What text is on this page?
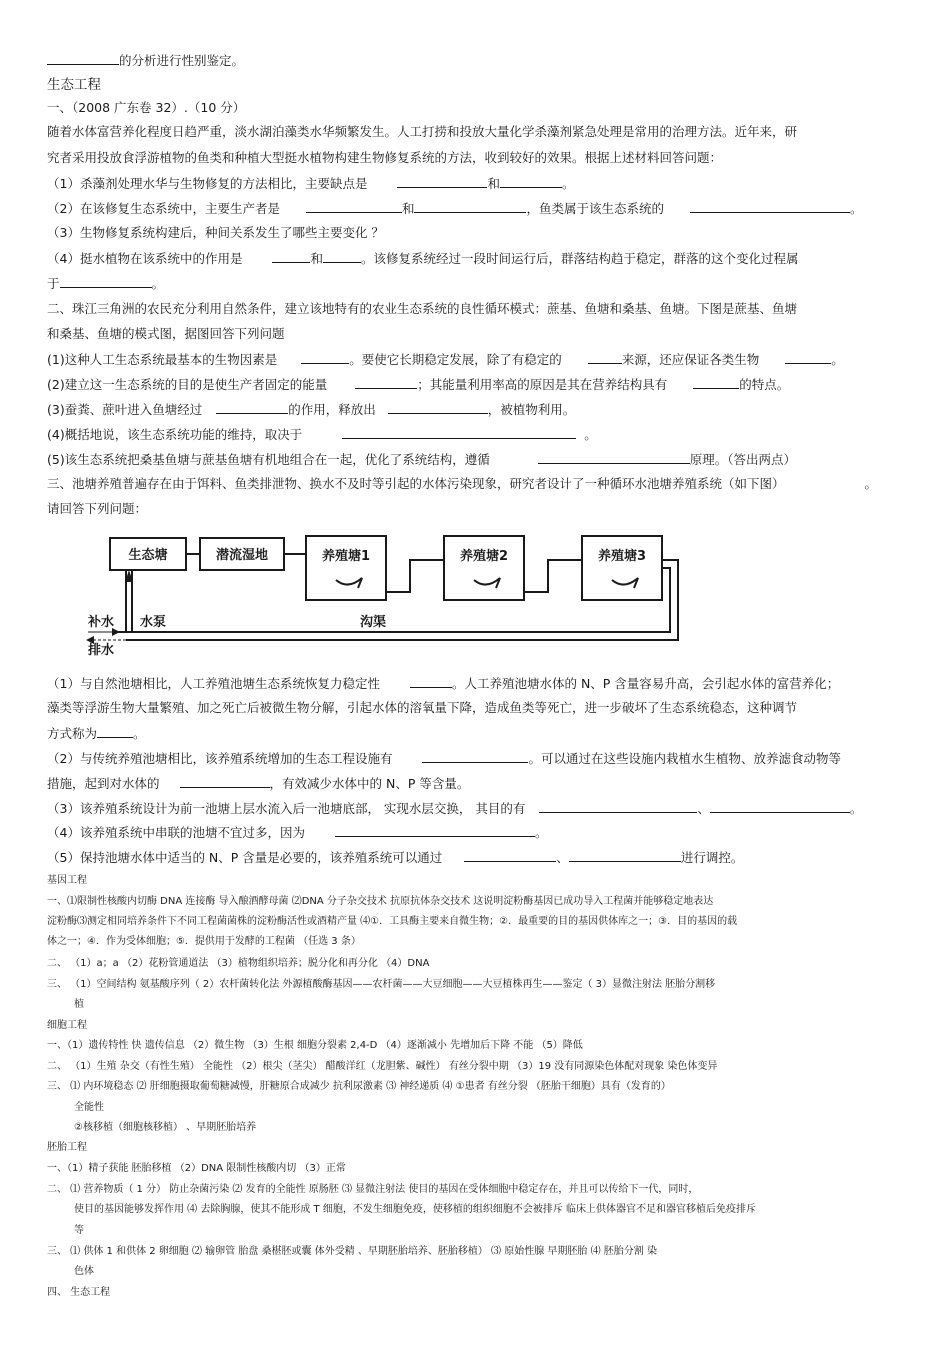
的分析进行性别鉴定。
生态工程
一、（2008 广东卷 32）.（10 分）
随着水体富营养化程度日趋严重，淡水湖泊藻类水华频繁发生。人工打捞和投放大量化学杀藻剂紧急处理是常用的治理方法。近年来，研
究者采用投放食浮游植物的鱼类和种植大型挺水植物构建生物修复系统的方法，收到较好的效果。根据上述材料回答问题：
（1）杀藻剂处理水华与生物修复的方法相比，主要缺点是	和	。
（2）在该修复生态系统中，主要生产者是	和	，鱼类属于该生态系统的	。
（3）生物修复系统构建后，种间关系发生了哪些主要变化 ？
（4）挺水植物在该系统中的作用是	和	。该修复系统经过一段时间运行后，群落结构趋于稳定，群落的这个变化过程属
于	。
二、珠江三角洲的农民充分利用自然条件，建立该地特有的农业生态系统的良性循环模式：蔗基、鱼塘和桑基、鱼塘。下图是蔗基、鱼塘
和桑基、鱼塘的模式图，据图回答下列问题
(1)这种人工生态系统最基本的生物因素是	。要使它长期稳定发展，除了有稳定的	来源，还应保证各类生物	。
(2)建立这一生态系统的目的是使生产者固定的能量	；其能量利用率高的原因是其在营养结构具有	的特点。
(3)蚕粪、蔗叶进入鱼塘经过	的作用，释放出	，被植物利用。
(4)概括地说，该生态系统功能的维持，取决于	。
(5)该生态系统把桑基鱼塘与蔗基鱼塘有机地组合在一起，优化了系统结构，遵循	原理。（答出两点）
三、池塘养殖普遍存在由于饵料、鱼类排泄物、换水不及时等引起的水体污染现象，研究者设计了一种循环水池塘养殖系统（如下图）	。
请回答下列问题：
生态塘	潜流湿地	养殖塘1	养殖塘2	养殖塘3
补水
排水
水泵	沟渠
（1）与自然池塘相比，人工养殖池塘生态系统恢复力稳定性	。人工养殖池塘水体的 N、P 含量容易升高，会引起水体的富营养化；
藻类等浮游生物大量繁殖、加之死亡后被微生物分解，引起水体的溶氧量下降，造成鱼类等死亡，进一步破坏了生态系统稳态，这种调节
方式称为	。
（2）与传统养殖池塘相比，该养殖系统增加的生态工程设施有	。可以通过在这些设施内栽植水生植物、放养滤食动物等
措施，起到对水体的	，有效减少水体中的 N、P 等含量。
（3）该养殖系统设计为前一池塘上层水流入后一池塘底部， 实现水层交换， 其目的有	、	。
（4）该养殖系统中串联的池塘不宜过多，因为	。
（5）保持池塘水体中适当的 N、P 含量是必要的，该养殖系统可以通过	、	进行调控。
基因工程
一、⑴限制性核酸内切酶 DNA 连接酶 导入酿酒酵母菌 ⑵DNA 分子杂交技术 抗原抗体杂交技术 这说明淀粉酶基因已成功导入工程菌并能够稳定地表达
淀粉酶⑶测定相同培养条件下不同工程菌菌株的淀粉酶活性或酒精产量 ⑷①．工具酶主要来自微生物；②．最重要的目的基因供体库之一；③．目的基因的载
体之一；④．作为受体细胞；⑤．提供用于发酵的工程菌 （任选 3 条）
二、 （1）a；a （2）花粉管通道法 （3）植物组织培养；脱分化和再分化 （4）DNA
三、 （1）空间结构 氨基酸序列（ 2）农杆菌转化法 外源植酸酶基因——农杆菌——大豆细胞——大豆植株再生——鉴定（ 3）显微注射法 胚胎分割移
植
细胞工程
一、（1）遗传特性 快 遗传信息 （2）微生物 （3）生根 细胞分裂素 2,4-D （4）逐渐减小 先增加后下降 不能 （5）降低
二、 （1）生殖 杂交（有性生殖） 全能性 （2）根尖（茎尖） 醋酸洋红（龙胆紫、碱性） 有丝分裂中期 （3）19 没有同源染色体配对现象 染色体变异
三、 ⑴ 内环境稳态 ⑵ 肝细胞摄取葡萄糖减慢，肝糖原合成减少 抗利尿激素 ⑶ 神经递质 ⑷ ①患者 有丝分裂 （胚胎干细胞）具有（发育的）
全能性
②核移植（细胞核移植） 、早期胚胎培养
胚胎工程
一、（1）精子获能 胚胎移植 （2）DNA 限制性核酸内切 （3）正常
二、 ⑴ 营养物质（ 1 分） 防止杂菌污染 ⑵ 发育的全能性 原肠胚 ⑶ 显微注射法 使目的基因在受体细胞中稳定存在，并且可以传给下一代，同时，
使目的基因能够发挥作用 ⑷ 去除胸腺，使其不能形成 T 细胞，不发生细胞免疫，使移植的组织细胞不会被排斥 临床上供体器官不足和器官移植后免疫排斥
等
三、 ⑴ 供体 1 和供体 2 卵细胞 ⑵ 输卵管 胎盘 桑椹胚或囊 体外受精 、早期胚胎培养、胚胎移植） ⑶ 原始性腺 早期胚胎 ⑷ 胚胎分割 染
色体
四、 生态工程
